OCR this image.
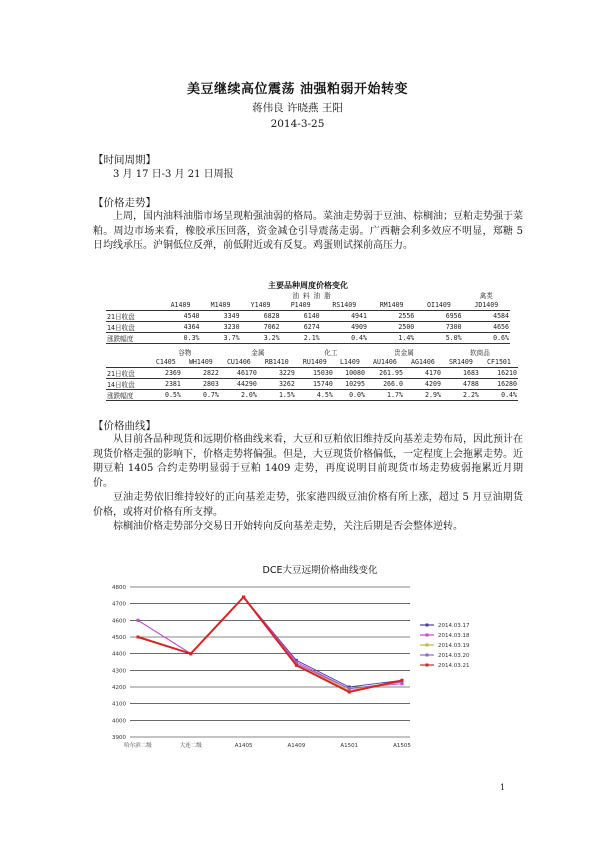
美豆继续高位震荡 油强粕弱开始转变
蒋伟良 许晓燕 王阳
2014-3-25
【时间周期】
3 月 17 日-3 月 21 日周报
【价格走势】

上周，国内油料油脂市场呈现粕强油弱的格局。菜油走势弱于豆油、棕榈油；豆粕走势强于菜粕。周边市场来看，橡胶承压回落，资金减仓引导震荡走弱。广西糖会利多效应不明显，郑糖 5 日均线承压。沪铜低位反弹，前低附近或有反复。鸡蛋则试探前高压力。

主要品种周度价格变化
	油 料 油 脂							禽类
	A1409	M1409	Y1409	P1409	RS1409	RM1409	OI1409	JD1409
21日收盘	4540	3349	6828	6140	4941	2556	6956	4584
14日收盘	4364	3230	7062	6274	4909	2500	7300	4656
涨跌幅度	0.3%	3.7%	3.2%	2.1%	0.4%	1.4%	5.0%	0.6%
	谷物		金属		化工		贵金属		软商品	
	C1405	WH1409	CU1406	RB1410	RU1409	L1409	AU1406	AG1406	SR1409	CF1501
21日收盘	2369	2822	46170	3229	15030	10080	261.95	4170	1683	16210
14日收盘	2381	2803	44290	3262	15740	10295	266.0	4209	4788	16280
涨跌幅度	0.5%	0.7%	2.0%	1.5%	4.5%	0.0%	1.7%	2.9%	2.2%	0.4%
【价格曲线】

从目前各品种现货和远期价格曲线来看，大豆和豆粕依旧维持反向基差走势布局，因此预计在现货价格走强的影响下，价格走势将偏强。但是，大豆现货价格偏低，一定程度上会拖累走势。近期豆粕 1405 合约走势明显弱于豆粕 1409 走势，再度说明目前现货市场走势疲弱拖累近月期价。

豆油走势依旧维持较好的正向基差走势，张家港四级豆油价格有所上涨，超过 5 月豆油期货价格，或将对价格有所支撑。

棕榈油价格走势部分交易日开始转向反向基差走势，关注后期是否会整体逆转。

DCE大豆远期价格曲线变化
3900
4000
4100
4200
4300
4400
4500
4600
4700
4800
哈尔滨二级	大连二级	A1405	A1409	A1501	A1505
2014.03.17
2014.03.18
2014.03.19
2014.03.20
2014.03.21
1
